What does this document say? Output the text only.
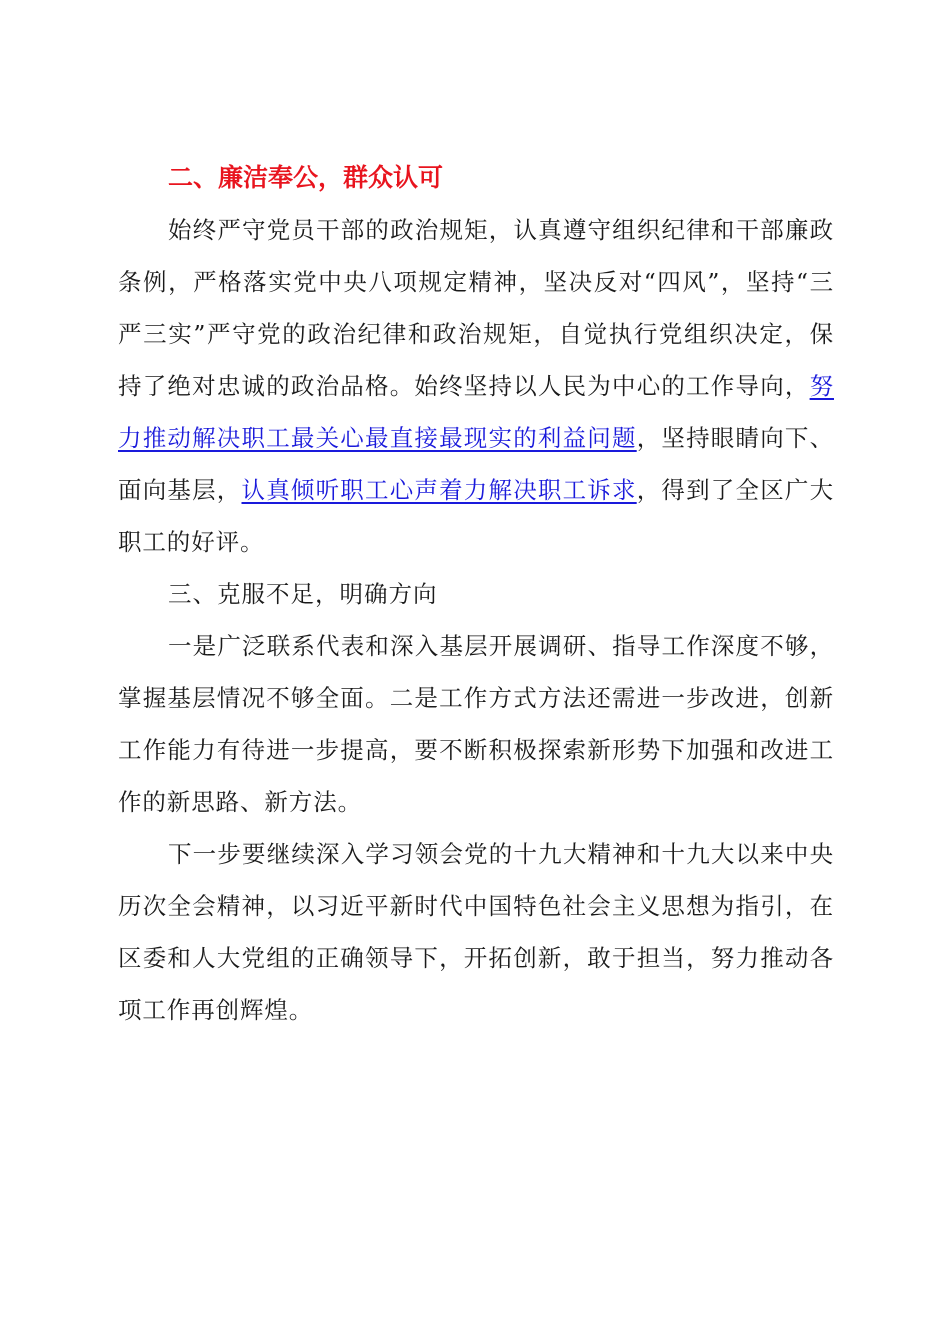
二、廉洁奉公，群众认可

始终严守党员干部的政治规矩，认真遵守组织纪律和干部廉政条例，严格落实党中央八项规定精神，坚决反对“四风”，坚持“三严三实”严守党的政治纪律和政治规矩，自觉执行党组织决定，保持了绝对忠诚的政治品格。始终坚持以人民为中心的工作导向，努力推动解决职工最关心最直接最现实的利益问题，坚持眼睛向下、面向基层，认真倾听职工心声着力解决职工诉求，得到了全区广大职工的好评。

三、克服不足，明确方向

一是广泛联系代表和深入基层开展调研、指导工作深度不够，掌握基层情况不够全面。二是工作方式方法还需进一步改进，创新工作能力有待进一步提高，要不断积极探索新形势下加强和改进工作的新思路、新方法。

下一步要继续深入学习领会党的十九大精神和十九大以来中央历次全会精神，以习近平新时代中国特色社会主义思想为指引，在区委和人大党组的正确领导下，开拓创新，敢于担当，努力推动各项工作再创辉煌。
